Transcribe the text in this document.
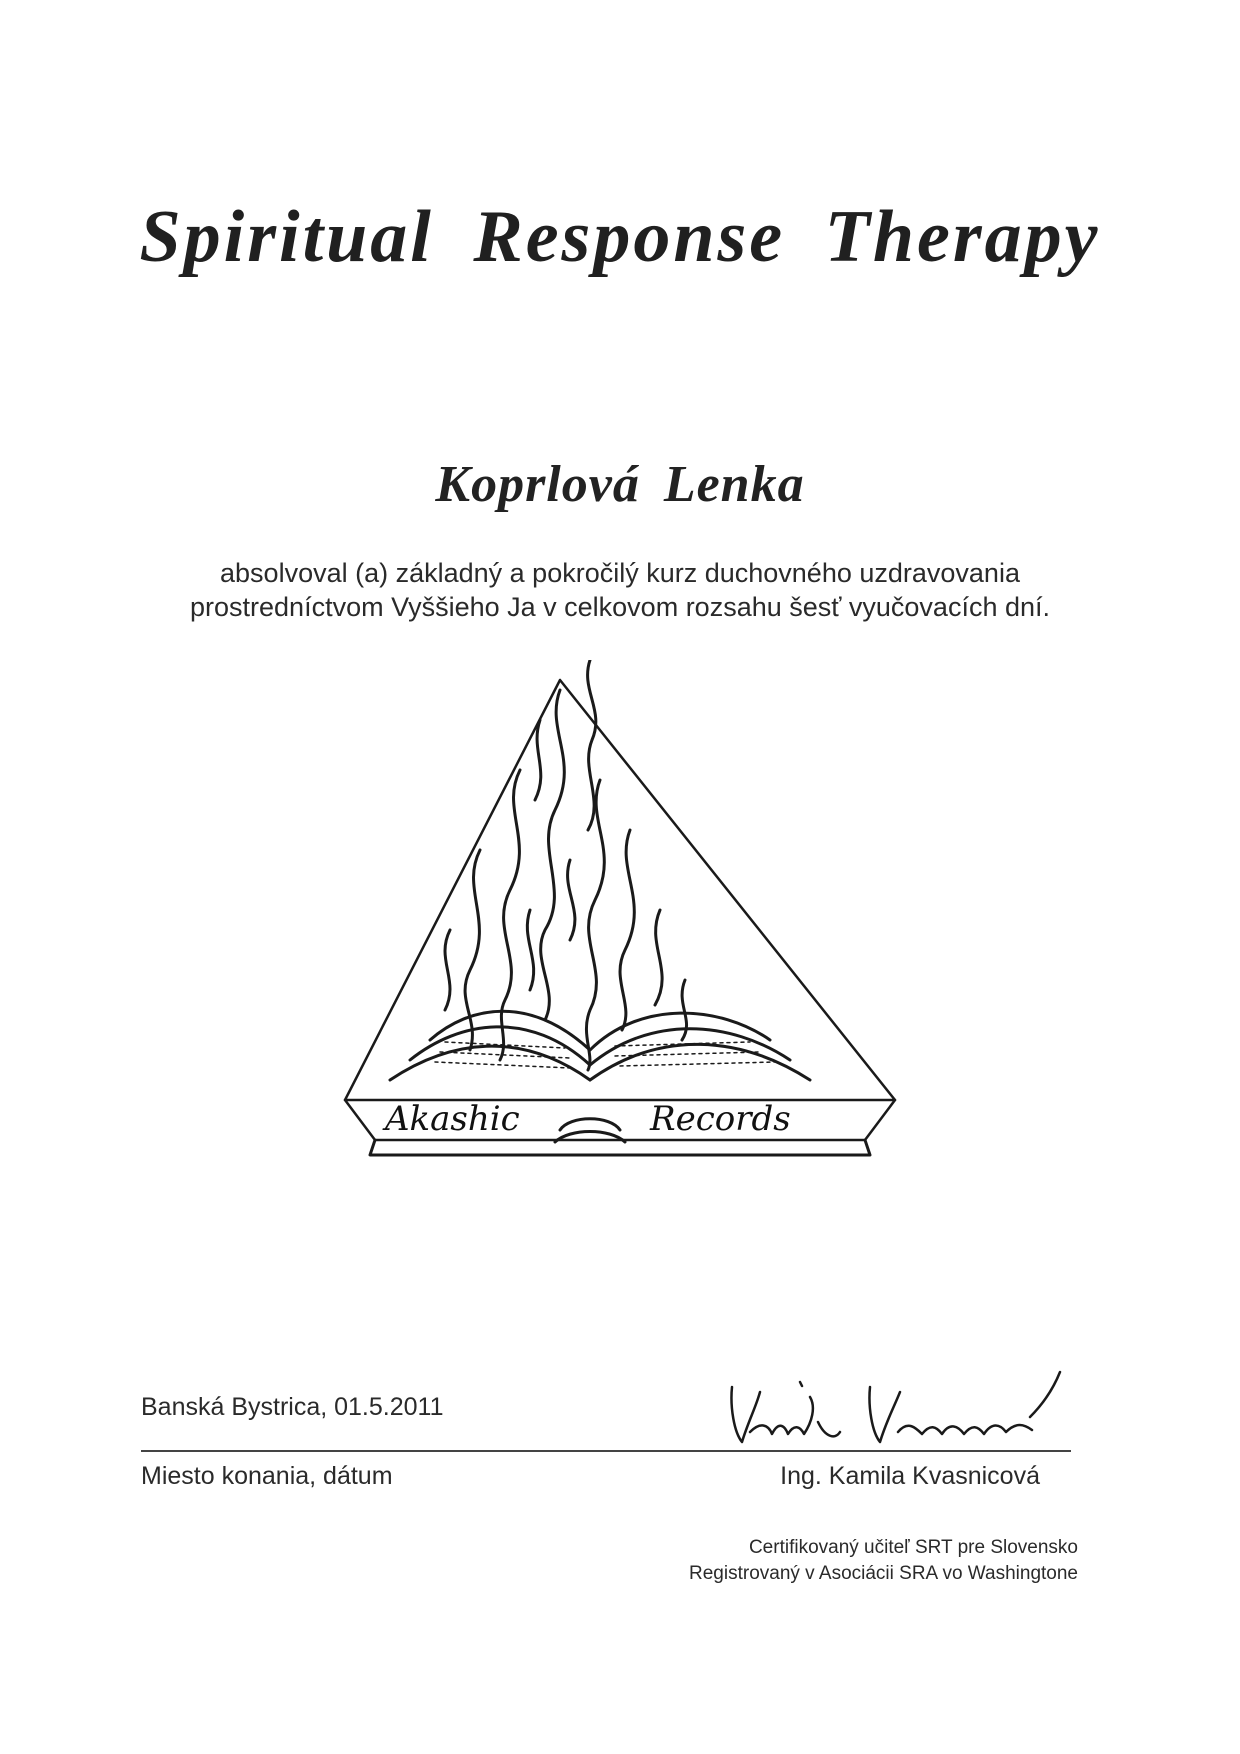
Spiritual Response Therapy
Koprlová Lenka
absolvoval (a) základný a pokročilý kurz duchovného uzdravovania
prostredníctvom Vyššieho Ja v celkovom rozsahu šesť vyučovacích dní.
Akashic	Records
Banská Bystrica, 01.5.2011
Miesto konania, dátum	Ing. Kamila Kvasnicová
Certifikovaný učiteľ SRT pre Slovensko
Registrovaný v Asociácii SRA vo Washingtone
